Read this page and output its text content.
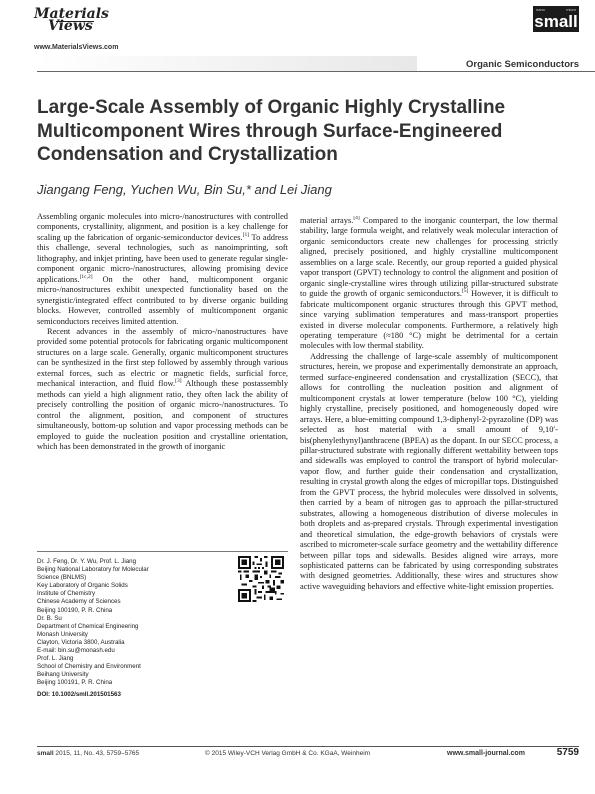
Materials

Views
www.MaterialsViews.com
nano	micro
small
Organic Semiconductors
Large-Scale Assembly of Organic Highly Crystalline Multicomponent Wires through Surface-Engineered Condensation and Crystallization
Jiangang Feng, Yuchen Wu, Bin Su,* and Lei Jiang

Assembling organic molecules into micro-/nanostructures with controlled components, crystallinity, alignment, and position is a key challenge for scaling up the fabrication of organic-semiconductor devices.[1] To address this challenge, several technologies, such as nanoimprinting, soft lithography, and inkjet printing, have been used to generate regular single-component organic micro-/nanostructures, allowing promising device applications.[1c,2] On the other hand, multicomponent organic micro-/nanostructures exhibit unexpected functionality based on the synergistic/integrated effect contributed to by diverse organic building blocks. However, controlled assembly of multicomponent organic semiconductors receives limited attention.

Recent advances in the assembly of micro-/nanostructures have provided some potential protocols for fabricating organic multicomponent structures on a large scale. Generally, organic multicomponent structures can be synthesized in the first step followed by assembly through various external forces, such as electric or magnetic fields, surficial force, mechanical interaction, and fluid flow.[3] Although these postassembly methods can yield a high alignment ratio, they often lack the ability of precisely controlling the position of organic micro-/nanostructures. To control the alignment, position, and component of structures simultaneously, bottom-up solution and vapor processing methods can be employed to guide the nucleation position and crystalline orientation, which has been demonstrated in the growth of inorganic

material arrays.[4] Compared to the inorganic counterpart, the low thermal stability, large formula weight, and relatively weak molecular interaction of organic semiconductors create new challenges for processing strictly aligned, precisely positioned, and highly crystalline multicomponent assemblies on a large scale. Recently, our group reported a guided physical vapor transport (GPVT) technology to control the alignment and position of organic single-crystalline wires through utilizing pillar-structured substrate to guide the growth of organic semiconductors.[5] However, it is difficult to fabricate multicomponent organic structures through this GPVT method, since varying sublimation temperatures and mass-transport properties existed in diverse molecular components. Furthermore, a relatively high operating temperature (≈180 °C) might be detrimental for a certain molecules with low thermal stability.

Addressing the challenge of large-scale assembly of multicomponent structures, herein, we propose and experimentally demonstrate an approach, termed surface-engineered condensation and crystallization (SECC), that allows for controlling the nucleation position and alignment of multicomponent crystals at lower temperature (below 100 °C), yielding highly crystalline, precisely positioned, and homogeneously doped wire arrays. Here, a blue-emitting compound 1,3-diphenyl-2-pyrazoline (DP) was selected as host material with a small amount of 9,10′-bis(phenylethynyl)anthracene (BPEA) as the dopant. In our SECC process, a pillar-structured substrate with regionally different wettability between tops and sidewalls was employed to control the transport of hybrid molecular-vapor flow, and further guide their condensation and crystallization, resulting in crystal growth along the edges of micropillar tops. Distinguished from the GPVT process, the hybrid molecules were dissolved in solvents, then carried by a beam of nitrogen gas to approach the pillar-structured substrates, allowing a homogeneous distribution of diverse molecules in both droplets and as-prepared crystals. Through experimental investigation and theoretical simulation, the edge-growth behaviors of crystals were ascribed to micrometer-scale surface geometry and the wettability difference between pillar tops and sidewalls. Besides aligned wire arrays, more sophisticated patterns can be fabricated by using corresponding substrates with designed geometries. Additionally, these wires and structures show active waveguiding behaviors and effective white-light emission properties.

Dr. J. Feng, Dr. Y. Wu, Prof. L. Jiang
Beijing National Laboratory for Molecular
Science (BNLMS)
Key Laboratory of Organic Solids
Institute of Chemistry
Chinese Academy of Sciences
Beijing 100190, P. R. China
Dr. B. Su
Department of Chemical Engineering
Monash University
Clayton, Victoria 3800, Australia
E-mail: bin.su@monash.edu
Prof. L. Jiang
School of Chemistry and Environment
Beihang University
Beijing 100191, P. R. China
DOI: 10.1002/smll.201501563
small 2015, 11, No. 43, 5759–5765	© 2015 Wiley-VCH Verlag GmbH & Co. KGaA, Weinheim	www.small-journal.com	5759
